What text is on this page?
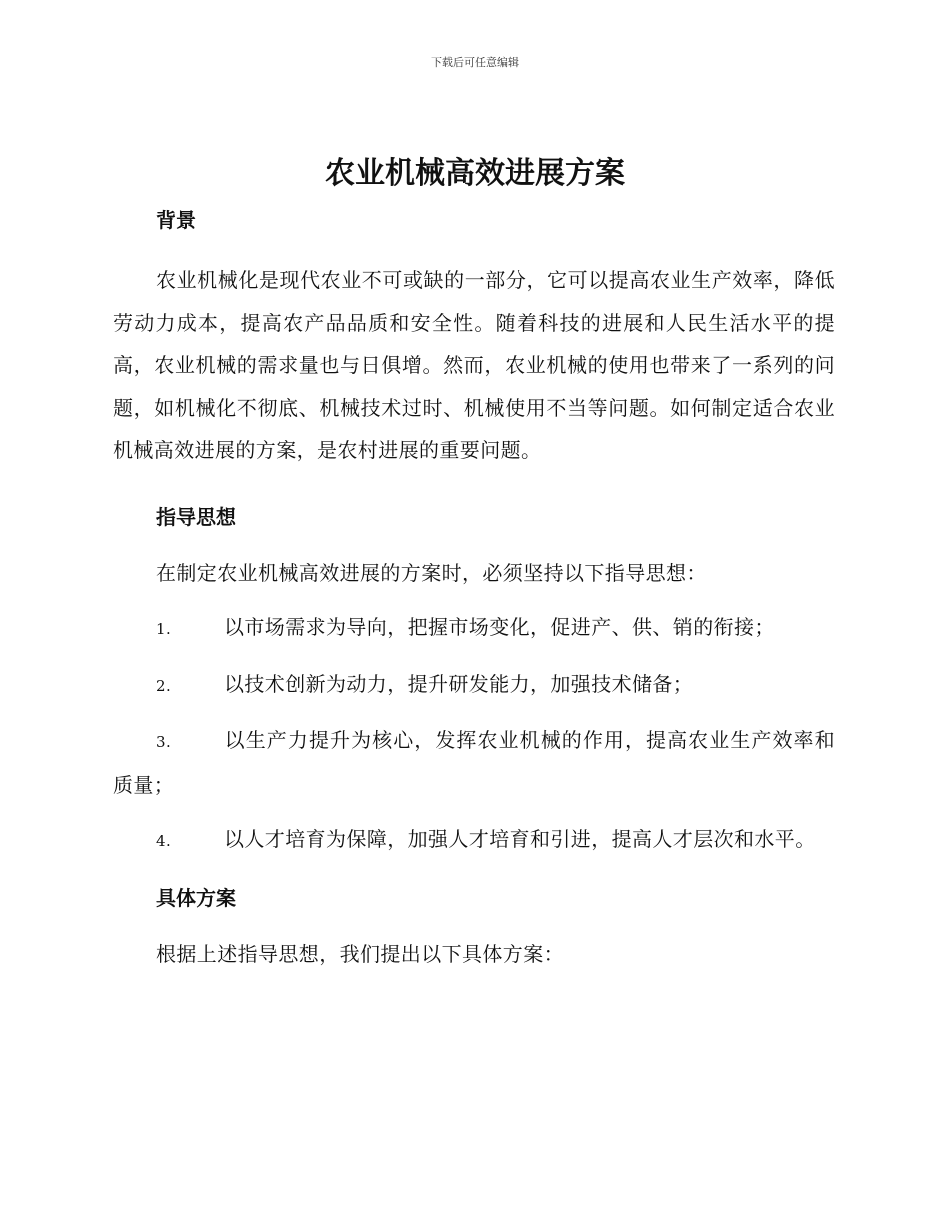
下载后可任意编辑
农业机械高效进展方案
背景

农业机械化是现代农业不可或缺的一部分，它可以提高农业生产效率，降低劳动力成本，提高农产品品质和安全性。随着科技的进展和人民生活水平的提高，农业机械的需求量也与日俱增。然而，农业机械的使用也带来了一系列的问题，如机械化不彻底、机械技术过时、机械使用不当等问题。如何制定适合农业机械高效进展的方案，是农村进展的重要问题。

指导思想

在制定农业机械高效进展的方案时，必须坚持以下指导思想：

1.	以市场需求为导向，把握市场变化，促进产、供、销的衔接；

2.	以技术创新为动力，提升研发能力，加强技术储备；

3.	以生产力提升为核心，发挥农业机械的作用，提高农业生产效率和质量；

4.	以人才培育为保障，加强人才培育和引进，提高人才层次和水平。

具体方案

根据上述指导思想，我们提出以下具体方案：
